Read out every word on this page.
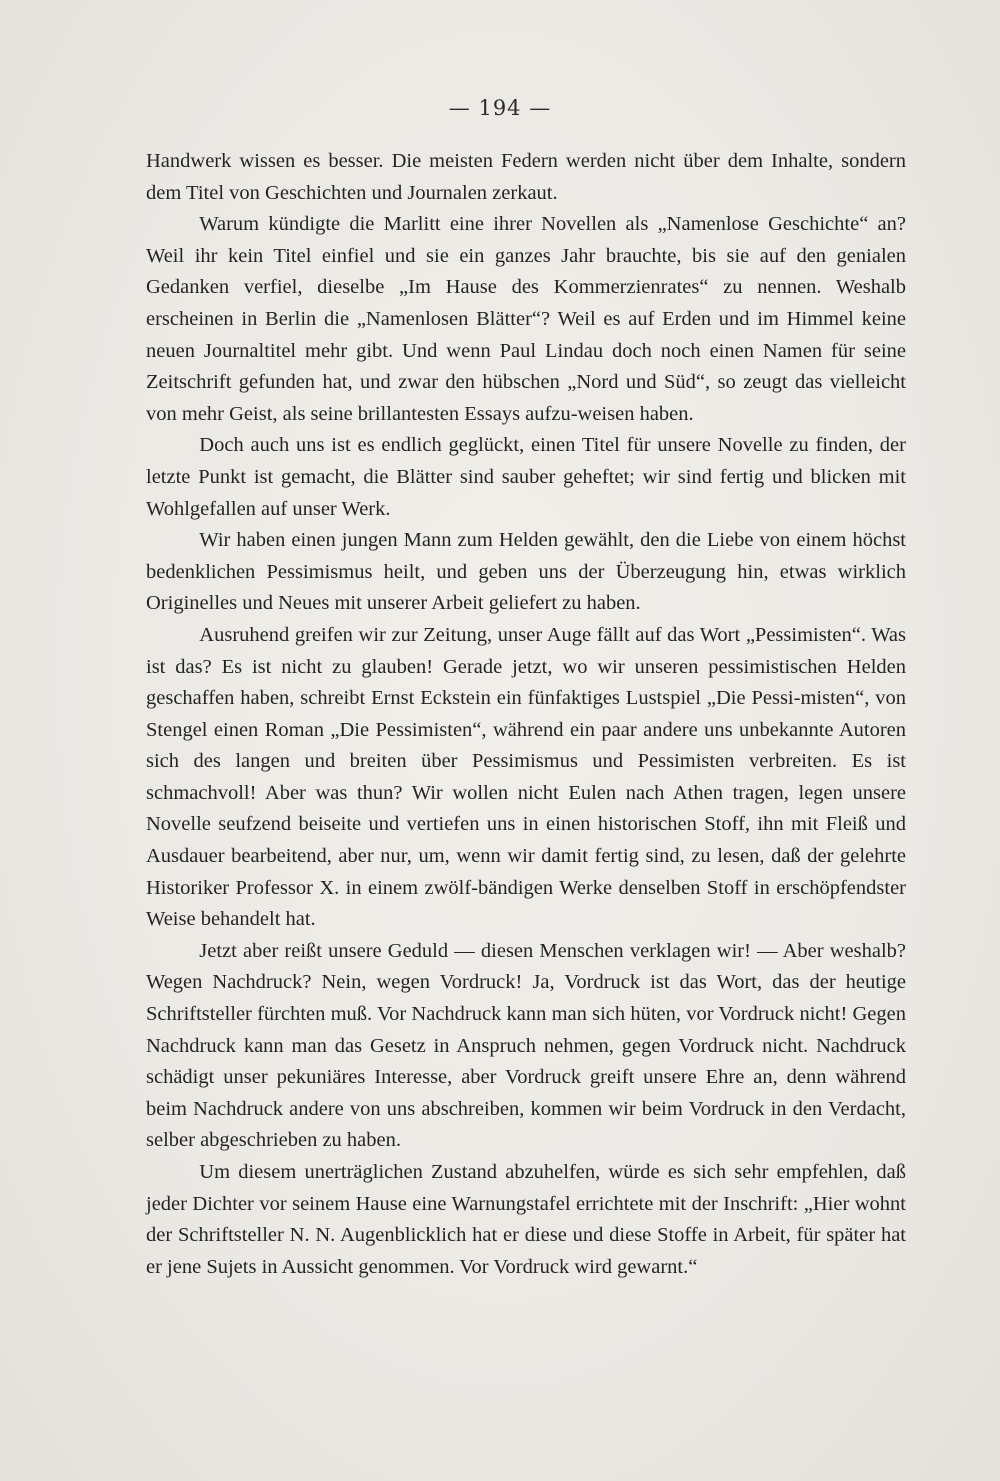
— 194 —

Handwerk wissen es besser. Die meisten Federn werden nicht über dem Inhalte, sondern dem Titel von Geschichten und Journalen zerkaut.

Warum kündigte die Marlitt eine ihrer Novellen als „Namenlose Geschichte“ an? Weil ihr kein Titel einfiel und sie ein ganzes Jahr brauchte, bis sie auf den genialen Gedanken verfiel, dieselbe „Im Hause des Kommerzienrates“ zu nennen. Weshalb erscheinen in Berlin die „Namenlosen Blätter“? Weil es auf Erden und im Himmel keine neuen Journaltitel mehr gibt. Und wenn Paul Lindau doch noch einen Namen für seine Zeitschrift gefunden hat, und zwar den hübschen „Nord und Süd“, so zeugt das vielleicht von mehr Geist, als seine brillantesten Essays aufzu-weisen haben.

Doch auch uns ist es endlich geglückt, einen Titel für unsere Novelle zu finden, der letzte Punkt ist gemacht, die Blätter sind sauber geheftet; wir sind fertig und blicken mit Wohlgefallen auf unser Werk.

Wir haben einen jungen Mann zum Helden gewählt, den die Liebe von einem höchst bedenklichen Pessimismus heilt, und geben uns der Überzeugung hin, etwas wirklich Originelles und Neues mit unserer Arbeit geliefert zu haben.

Ausruhend greifen wir zur Zeitung, unser Auge fällt auf das Wort „Pessimisten“. Was ist das? Es ist nicht zu glauben! Gerade jetzt, wo wir unseren pessimistischen Helden geschaffen haben, schreibt Ernst Eckstein ein fünfaktiges Lustspiel „Die Pessi-misten“, von Stengel einen Roman „Die Pessimisten“, während ein paar andere uns unbekannte Autoren sich des langen und breiten über Pessimismus und Pessimisten verbreiten. Es ist schmachvoll! Aber was thun? Wir wollen nicht Eulen nach Athen tragen, legen unsere Novelle seufzend beiseite und vertiefen uns in einen historischen Stoff, ihn mit Fleiß und Ausdauer bearbeitend, aber nur, um, wenn wir damit fertig sind, zu lesen, daß der gelehrte Historiker Professor X. in einem zwölf-bändigen Werke denselben Stoff in erschöpfendster Weise behandelt hat.

Jetzt aber reißt unsere Geduld — diesen Menschen verklagen wir! — Aber weshalb? Wegen Nachdruck? Nein, wegen Vordruck! Ja, Vordruck ist das Wort, das der heutige Schriftsteller fürchten muß. Vor Nachdruck kann man sich hüten, vor Vordruck nicht! Gegen Nachdruck kann man das Gesetz in Anspruch nehmen, gegen Vordruck nicht. Nachdruck schädigt unser pekuniäres Interesse, aber Vordruck greift unsere Ehre an, denn während beim Nachdruck andere von uns abschreiben, kommen wir beim Vordruck in den Verdacht, selber abgeschrieben zu haben.

Um diesem unerträglichen Zustand abzuhelfen, würde es sich sehr empfehlen, daß jeder Dichter vor seinem Hause eine Warnungstafel errichtete mit der Inschrift: „Hier wohnt der Schriftsteller N. N. Augenblicklich hat er diese und diese Stoffe in Arbeit, für später hat er jene Sujets in Aussicht genommen. Vor Vordruck wird gewarnt.“
